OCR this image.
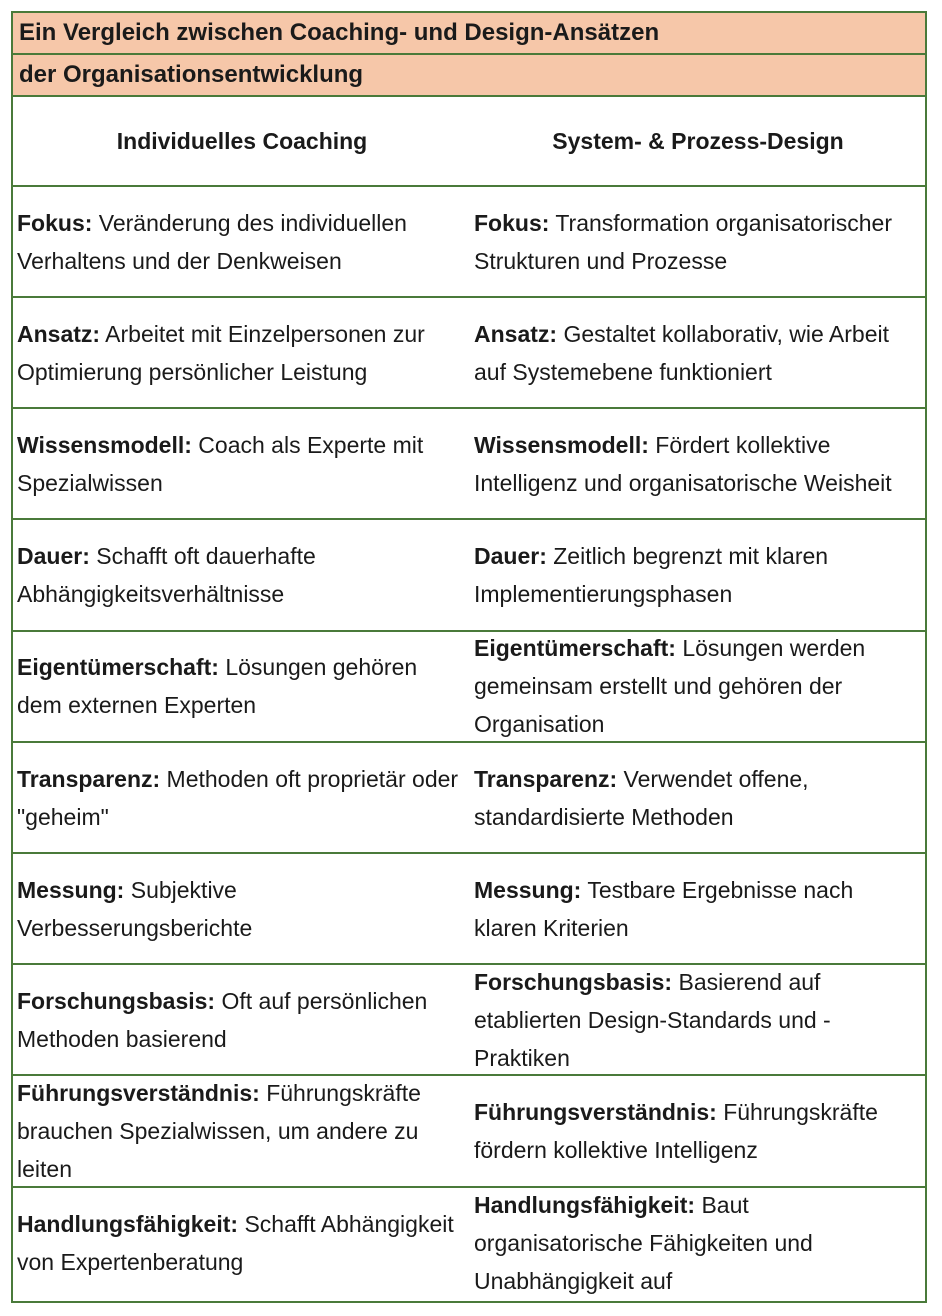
Ein Vergleich zwischen Coaching- und Design-Ansätzen
der Organisationsentwicklung
Individuelles Coaching	System- & Prozess-Design
Fokus: Veränderung des individuellen Verhaltens und der Denkweisen
Fokus: Transformation organisatorischer Strukturen und Prozesse
Ansatz: Arbeitet mit Einzelpersonen zur Optimierung persönlicher Leistung
Ansatz: Gestaltet kollaborativ, wie Arbeit auf Systemebene funktioniert
Wissensmodell: Coach als Experte mit Spezialwissen
Wissensmodell: Fördert kollektive Intelligenz und organisatorische Weisheit
Dauer: Schafft oft dauerhafte Abhängigkeitsverhältnisse
Dauer: Zeitlich begrenzt mit klaren Implementierungsphasen
Eigentümerschaft: Lösungen gehören dem externen Experten
Eigentümerschaft: Lösungen werden gemeinsam erstellt und gehören der Organisation
Transparenz: Methoden oft proprietär oder "geheim"
Transparenz: Verwendet offene, standardisierte Methoden
Messung: Subjektive Verbesserungsberichte
Messung: Testbare Ergebnisse nach klaren Kriterien
Forschungsbasis: Oft auf persönlichen Methoden basierend
Forschungsbasis: Basierend auf etablierten Design-Standards und -Praktiken
Führungsverständnis: Führungskräfte brauchen Spezialwissen, um andere zu leiten
Führungsverständnis: Führungskräfte fördern kollektive Intelligenz
Handlungsfähigkeit: Schafft Abhängigkeit von Expertenberatung
Handlungsfähigkeit: Baut organisatorische Fähigkeiten und Unabhängigkeit auf
